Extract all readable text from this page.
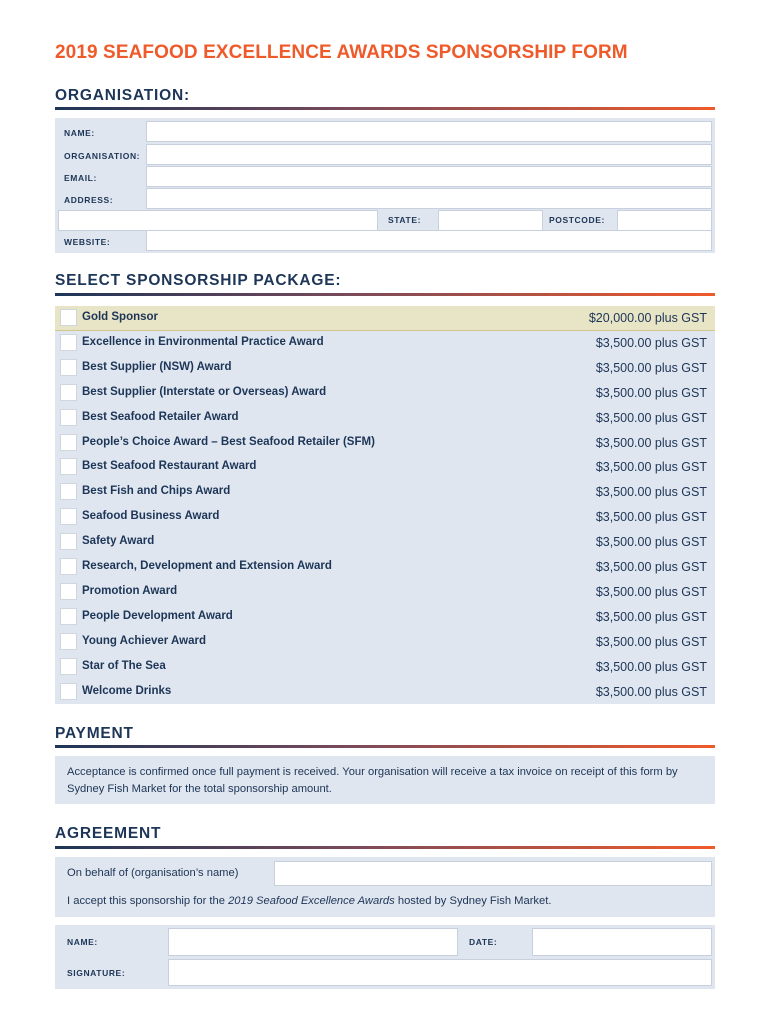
2019 SEAFOOD EXCELLENCE AWARDS SPONSORSHIP FORM
ORGANISATION:
NAME:
ORGANISATION:
EMAIL:
ADDRESS:
STATE:	POSTCODE:
WEBSITE:
SELECT SPONSORSHIP PACKAGE:
Gold Sponsor	$20,000.00 plus GST
Excellence in Environmental Practice Award	$3,500.00 plus GST
Best Supplier (NSW) Award	$3,500.00 plus GST
Best Supplier (Interstate or Overseas) Award	$3,500.00 plus GST
Best Seafood Retailer Award	$3,500.00 plus GST
People’s Choice Award – Best Seafood Retailer (SFM)	$3,500.00 plus GST
Best Seafood Restaurant Award	$3,500.00 plus GST
Best Fish and Chips Award	$3,500.00 plus GST
Seafood Business Award	$3,500.00 plus GST
Safety Award	$3,500.00 plus GST
Research, Development and Extension Award	$3,500.00 plus GST
Promotion Award	$3,500.00 plus GST
People Development Award	$3,500.00 plus GST
Young Achiever Award	$3,500.00 plus GST
Star of The Sea	$3,500.00 plus GST
Welcome Drinks	$3,500.00 plus GST
PAYMENT
Acceptance is confirmed once full payment is received. Your organisation will receive a tax invoice on receipt of this form by Sydney Fish Market for the total sponsorship amount.
AGREEMENT
On behalf of (organisation’s name)
I accept this sponsorship for the 2019 Seafood Excellence Awards hosted by Sydney Fish Market.
NAME:	DATE:
SIGNATURE:
